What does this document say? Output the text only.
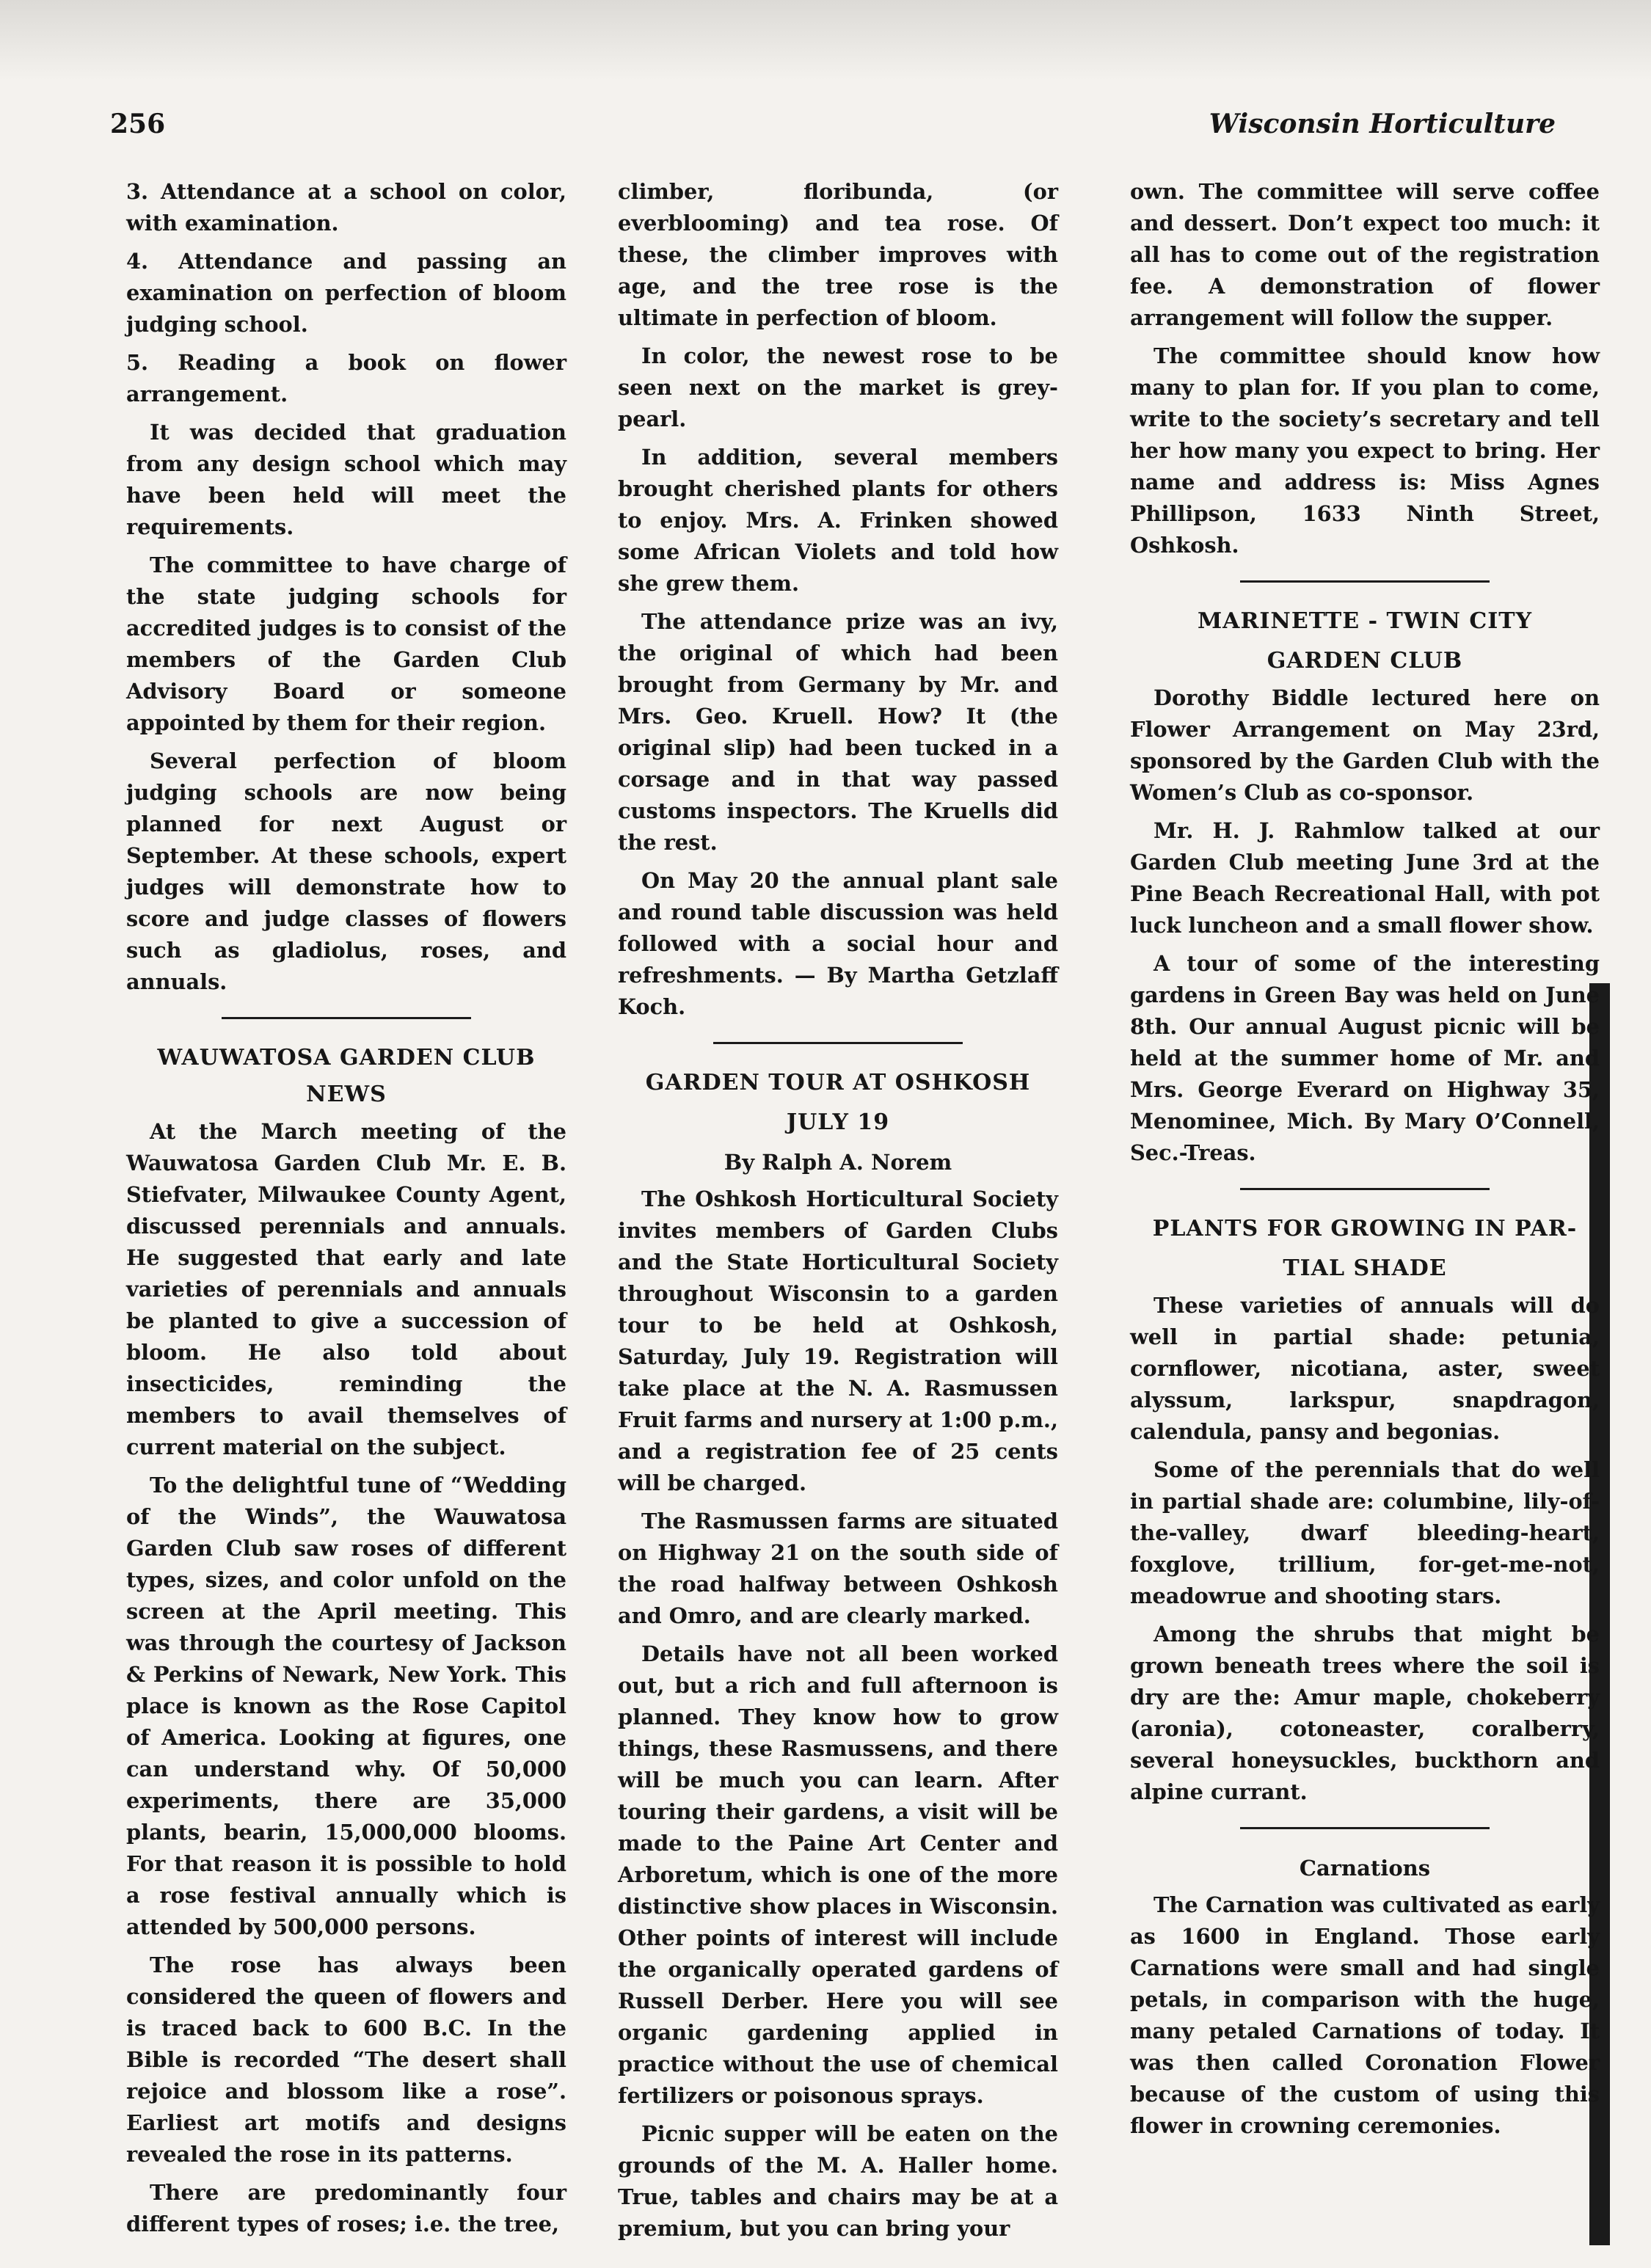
256	Wisconsin Horticulture

3. Attendance at a school on color, with examination.

4. Attendance and passing an examination on perfection of bloom judging school.

5. Reading a book on flower arrangement.

It was decided that graduation from any design school which may have been held will meet the requirements.

The committee to have charge of the state judging schools for accredited judges is to consist of the members of the Garden Club Advisory Board or someone appointed by them for their region.

Several perfection of bloom judging schools are now being planned for next August or September. At these schools, expert judges will demonstrate how to score and judge classes of flowers such as gladiolus, roses, and annuals.

WAUWATOSA GARDEN CLUB NEWS

At the March meeting of the Wauwatosa Garden Club Mr. E. B. Stiefvater, Milwaukee County Agent, discussed perennials and annuals. He suggested that early and late varieties of perennials and annuals be planted to give a succession of bloom. He also told about insecticides, reminding the members to avail themselves of current material on the subject.

To the delightful tune of “Wedding of the Winds”, the Wauwatosa Garden Club saw roses of different types, sizes, and color unfold on the screen at the April meeting. This was through the courtesy of Jackson & Perkins of Newark, New York. This place is known as the Rose Capitol of America. Looking at figures, one can understand why. Of 50,000 experiments, there are 35,000 plants, bearin, 15,000,000 blooms. For that reason it is possible to hold a rose festival annually which is attended by 500,000 persons.

The rose has always been considered the queen of flowers and is traced back to 600 B.C. In the Bible is recorded “The desert shall rejoice and blossom like a rose”. Earliest art motifs and designs revealed the rose in its patterns.

There are predominantly four different types of roses; i.e. the tree,

climber, floribunda, (or everblooming) and tea rose. Of these, the climber improves with age, and the tree rose is the ultimate in perfection of bloom.

In color, the newest rose to be seen next on the market is grey-pearl.

In addition, several members brought cherished plants for others to enjoy. Mrs. A. Frinken showed some African Violets and told how she grew them.

The attendance prize was an ivy, the original of which had been brought from Germany by Mr. and Mrs. Geo. Kruell. How? It (the original slip) had been tucked in a corsage and in that way passed customs inspectors. The Kruells did the rest.

On May 20 the annual plant sale and round table discussion was held followed with a social hour and refreshments. — By Martha Getzlaff Koch.

GARDEN TOUR AT OSHKOSH
JULY 19
By Ralph A. Norem

The Oshkosh Horticultural Society invites members of Garden Clubs and the State Horticultural Society throughout Wisconsin to a garden tour to be held at Oshkosh, Saturday, July 19. Registration will take place at the N. A. Rasmussen Fruit farms and nursery at 1:00 p.m., and a registration fee of 25 cents will be charged.

The Rasmussen farms are situated on Highway 21 on the south side of the road halfway between Oshkosh and Omro, and are clearly marked.

Details have not all been worked out, but a rich and full afternoon is planned. They know how to grow things, these Rasmussens, and there will be much you can learn. After touring their gardens, a visit will be made to the Paine Art Center and Arboretum, which is one of the more distinctive show places in Wisconsin. Other points of interest will include the organically operated gardens of Russell Derber. Here you will see organic gardening applied in practice without the use of chemical fertilizers or poisonous sprays.

Picnic supper will be eaten on the grounds of the M. A. Haller home. True, tables and chairs may be at a premium, but you can bring your

own. The committee will serve coffee and dessert. Don’t expect too much: it all has to come out of the registration fee. A demonstration of flower arrangement will follow the supper.

The committee should know how many to plan for. If you plan to come, write to the society’s secretary and tell her how many you expect to bring. Her name and address is: Miss Agnes Phillipson, 1633 Ninth Street, Oshkosh.

MARINETTE - TWIN CITY
GARDEN CLUB

Dorothy Biddle lectured here on Flower Arrangement on May 23rd, sponsored by the Garden Club with the Women’s Club as co-sponsor.

Mr. H. J. Rahmlow talked at our Garden Club meeting June 3rd at the Pine Beach Recreational Hall, with pot luck luncheon and a small flower show.

A tour of some of the interesting gardens in Green Bay was held on June 8th. Our annual August picnic will be held at the summer home of Mr. and Mrs. George Everard on Highway 35, Menominee, Mich. By Mary O’Connell, Sec.-Treas.

PLANTS FOR GROWING IN PAR-
TIAL SHADE

These varieties of annuals will do well in partial shade: petunia, cornflower, nicotiana, aster, sweet alyssum, larkspur, snapdragon, calendula, pansy and begonias.

Some of the perennials that do well in partial shade are: columbine, lily-of-the-valley, dwarf bleeding-heart, foxglove, trillium, for-get-me-not, meadowrue and shooting stars.

Among the shrubs that might be grown beneath trees where the soil is dry are the: Amur maple, chokeberry (aronia), cotoneaster, coralberry, several honeysuckles, buckthorn and alpine currant.

Carnations

The Carnation was cultivated as early as 1600 in England. Those early Carnations were small and had single petals, in comparison with the huge, many petaled Carnations of today. It was then called Coronation Flower because of the custom of using this flower in crowning ceremonies.
